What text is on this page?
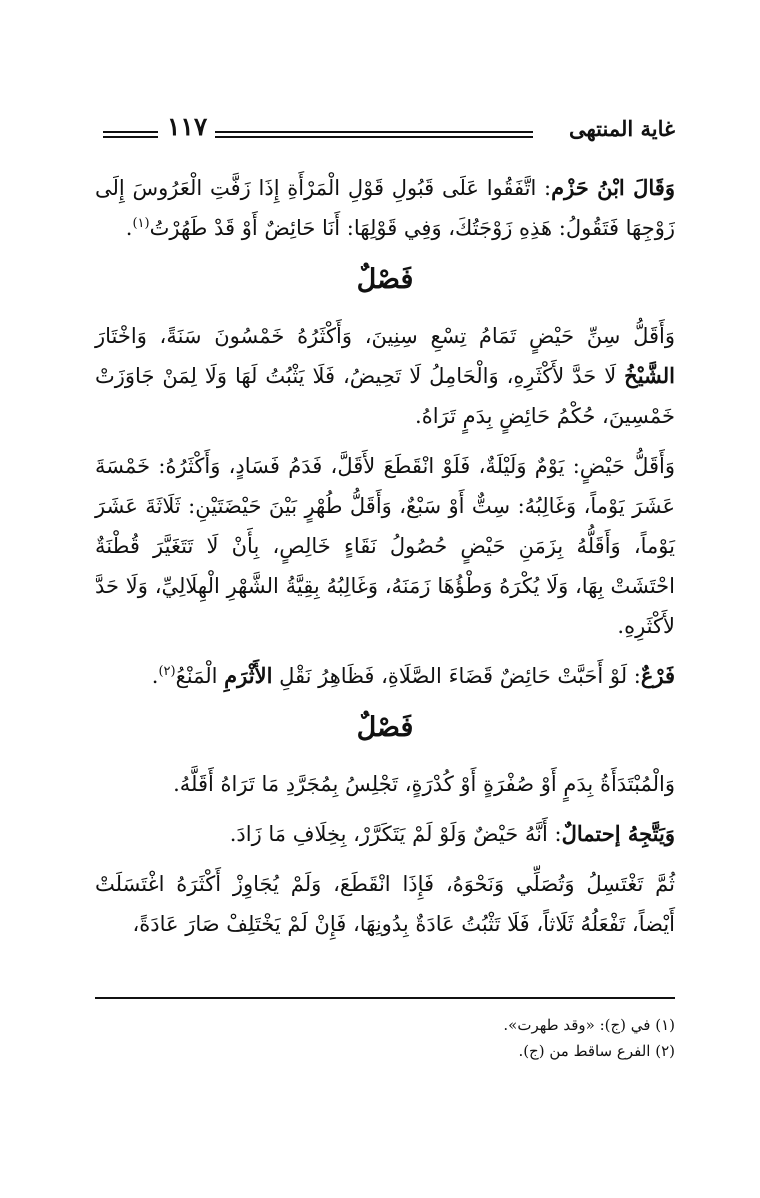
١١٧	غاية المنتهى

وَقَالَ ابْنُ حَزْم: اتَّفَقُوا عَلَى قَبُولِ قَوْلِ الْمَرْأَةِ إِذَا زَفَّتِ الْعَرُوسَ إِلَى زَوْجِهَا فَتَقُولُ: هَذِهِ زَوْجَتُكَ، وَفِي قَوْلِهَا: أَنَا حَائِضٌ أَوْ قَدْ طَهُرْتُ$^{(١)}$.

فَصْلٌ

وَأَقَلُّ سِنِّ حَيْضٍ تَمَامُ تِسْعِ سِنِينَ، وَأَكْثَرُهُ خَمْسُونَ سَنَةً، وَاخْتَارَ الشَّيْخُ لَا حَدَّ لأَكْثَرِهِ، وَالْحَامِلُ لَا تَحِيضُ، فَلَا يَثْبُتُ لَهَا وَلَا لِمَنْ جَاوَزَتْ خَمْسِينَ، حُكْمُ حَائِضٍ بِدَمٍ تَرَاهُ.

وَأَقَلُّ حَيْضٍ: يَوْمٌ وَلَيْلَةٌ، فَلَوْ انْقَطَعَ لأَقَلَّ، فَدَمُ فَسَادٍ، وَأَكْثَرُهُ: خَمْسَةَ عَشَرَ يَوْماً، وَغَالِبُهُ: سِتٌّ أَوْ سَبْعٌ، وَأَقَلُّ طُهْرٍ بَيْنَ حَيْضَتَيْنِ: ثَلَاثَةَ عَشَرَ يَوْماً، وَأَقَلُّهُ بِزَمَنِ حَيْضٍ حُصُولُ نَقَاءٍ خَالِصٍ، بِأَنْ لَا تَتَغَيَّرَ قُطْنَةٌ احْتَشَتْ بِهَا، وَلَا يُكْرَهُ وَطْؤُهَا زَمَنَهُ، وَغَالِبُهُ بِقِيَّةُ الشَّهْرِ الْهِلَالِيِّ، وَلَا حَدَّ لأَكْثَرِهِ.

فَرْعٌ: لَوْ أَحَبَّتْ حَائِضٌ قَضَاءَ الصَّلَاةِ، فَظَاهِرُ نَقْلِ الأَثْرَمِ الْمَنْعُ$^{(٢)}$.

فَصْلٌ

وَالْمُبْتَدَأَةُ بِدَمٍ أَوْ صُفْرَةٍ أَوْ كُدْرَةٍ، تَجْلِسُ بِمُجَرَّدِ مَا تَرَاهُ أَقَلَّهُ.

وَيَتَّجِهُ إحتمالٌ: أَنَّهُ حَيْضٌ وَلَوْ لَمْ يَتَكَرَّرْ، بِخِلَافِ مَا زَادَ.

ثُمَّ تَغْتَسِلُ وَتُصَلِّي وَنَحْوَهُ، فَإِذَا انْقَطَعَ، وَلَمْ يُجَاوِزْ أَكْثَرَهُ اغْتَسَلَتْ أَيْضاً، تَفْعَلُهُ ثَلَاثاً، فَلَا تَثْبُتُ عَادَةٌ بِدُونِهَا، فَإِنْ لَمْ يَخْتَلِفْ صَارَ عَادَةً،

(١) في (ج): «وقد طهرت».

(٢) الفرع ساقط من (ج).
